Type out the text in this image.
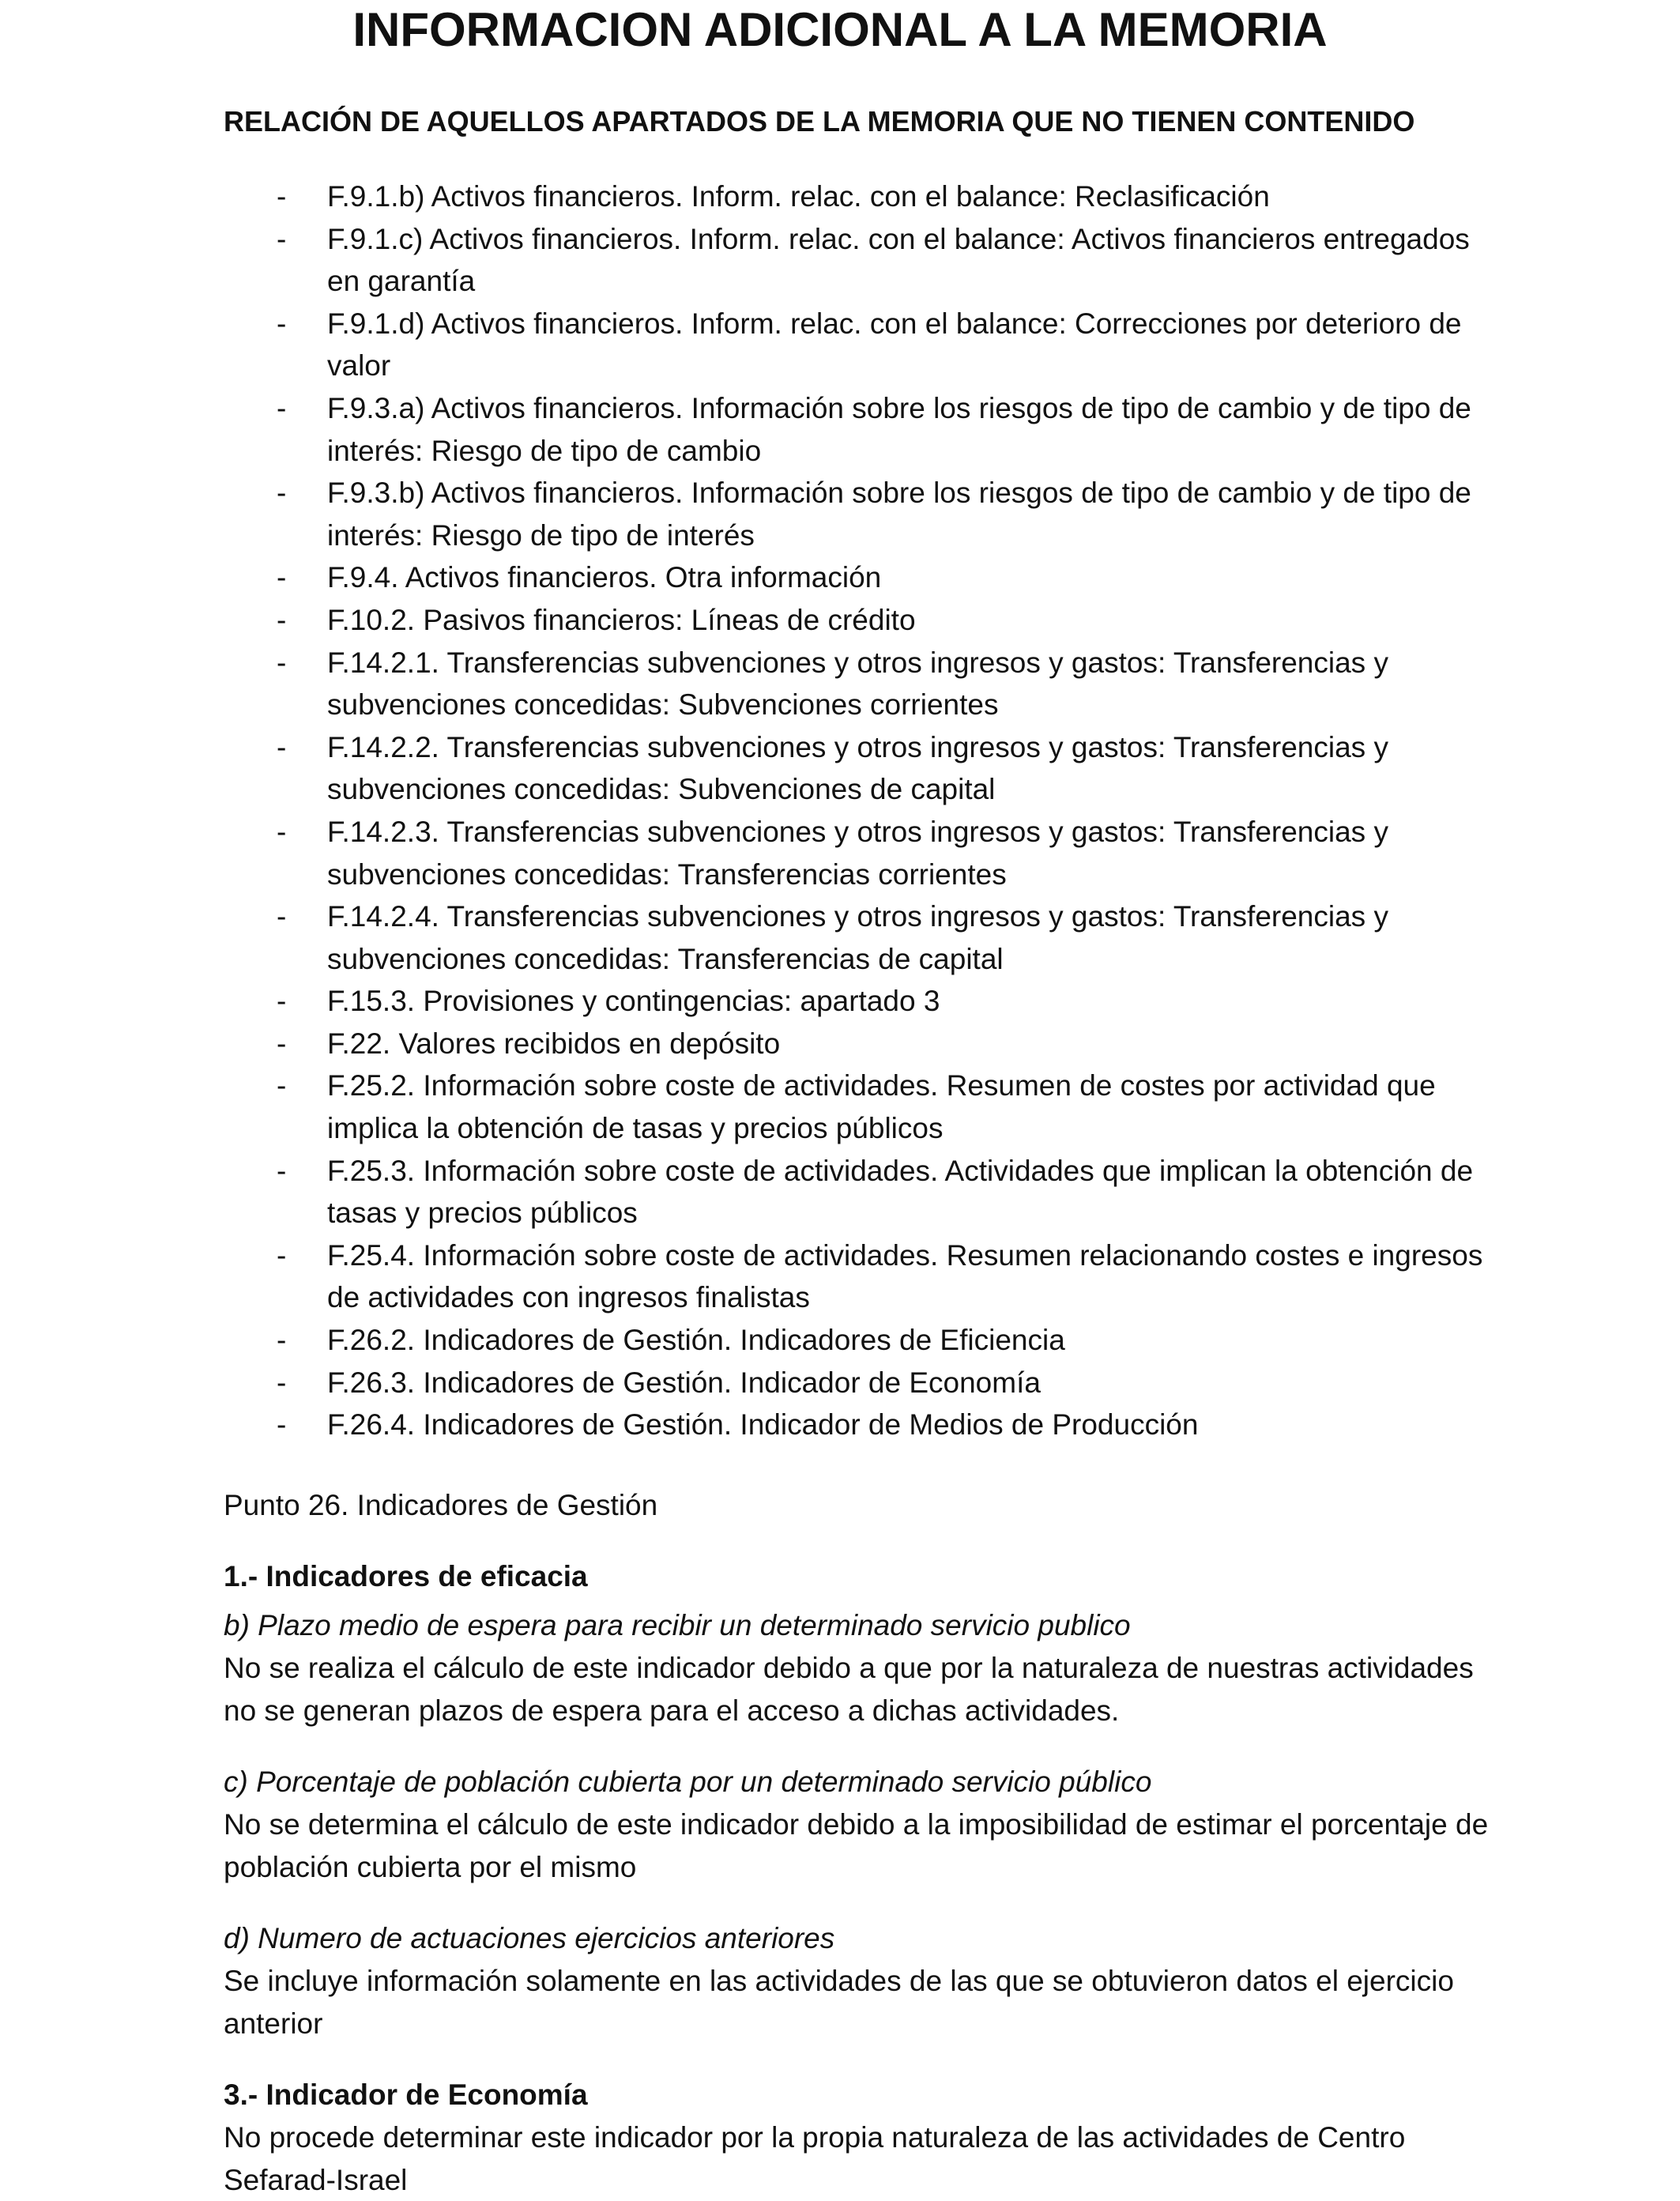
INFORMACION ADICIONAL A LA MEMORIA

RELACIÓN DE AQUELLOS APARTADOS DE LA MEMORIA QUE NO TIENEN CONTENIDO

- F.9.1.b) Activos financieros. Inform. relac. con el balance: Reclasificación
- F.9.1.c) Activos financieros. Inform. relac. con el balance: Activos financieros entregados en garantía
- F.9.1.d) Activos financieros. Inform. relac. con el balance: Correcciones por deterioro de valor
- F.9.3.a) Activos financieros. Información sobre los riesgos de tipo de cambio y de tipo de interés: Riesgo de tipo de cambio
- F.9.3.b) Activos financieros. Información sobre los riesgos de tipo de cambio y de tipo de interés: Riesgo de tipo de interés
- F.9.4. Activos financieros. Otra información
- F.10.2. Pasivos financieros: Líneas de crédito
- F.14.2.1. Transferencias subvenciones y otros ingresos y gastos: Transferencias y subvenciones concedidas: Subvenciones corrientes
- F.14.2.2. Transferencias subvenciones y otros ingresos y gastos: Transferencias y subvenciones concedidas: Subvenciones de capital
- F.14.2.3. Transferencias subvenciones y otros ingresos y gastos: Transferencias y subvenciones concedidas: Transferencias corrientes
- F.14.2.4. Transferencias subvenciones y otros ingresos y gastos: Transferencias y subvenciones concedidas: Transferencias de capital
- F.15.3. Provisiones y contingencias: apartado 3
- F.22. Valores recibidos en depósito
- F.25.2. Información sobre coste de actividades. Resumen de costes por actividad que implica la obtención de tasas y precios públicos
- F.25.3. Información sobre coste de actividades. Actividades que implican la obtención de tasas y precios públicos
- F.25.4. Información sobre coste de actividades. Resumen relacionando costes e ingresos de actividades con ingresos finalistas
- F.26.2. Indicadores de Gestión. Indicadores de Eficiencia
- F.26.3. Indicadores de Gestión. Indicador de Economía
- F.26.4. Indicadores de Gestión. Indicador de Medios de Producción

Punto 26. Indicadores de Gestión

1.- Indicadores de eficacia

b) Plazo medio de espera para recibir un determinado servicio publico

No se realiza el cálculo de este indicador debido a que por la naturaleza de nuestras actividades no se generan plazos de espera para el acceso a dichas actividades.

c) Porcentaje de población cubierta por un determinado servicio público

No se determina el cálculo de este indicador debido a la imposibilidad de estimar el porcentaje de población cubierta por el mismo

d) Numero de actuaciones ejercicios anteriores

Se incluye información solamente en las actividades de las que se obtuvieron datos el ejercicio anterior

3.- Indicador de Economía

No procede determinar este indicador por la propia naturaleza de las actividades de Centro Sefarad-Israel
